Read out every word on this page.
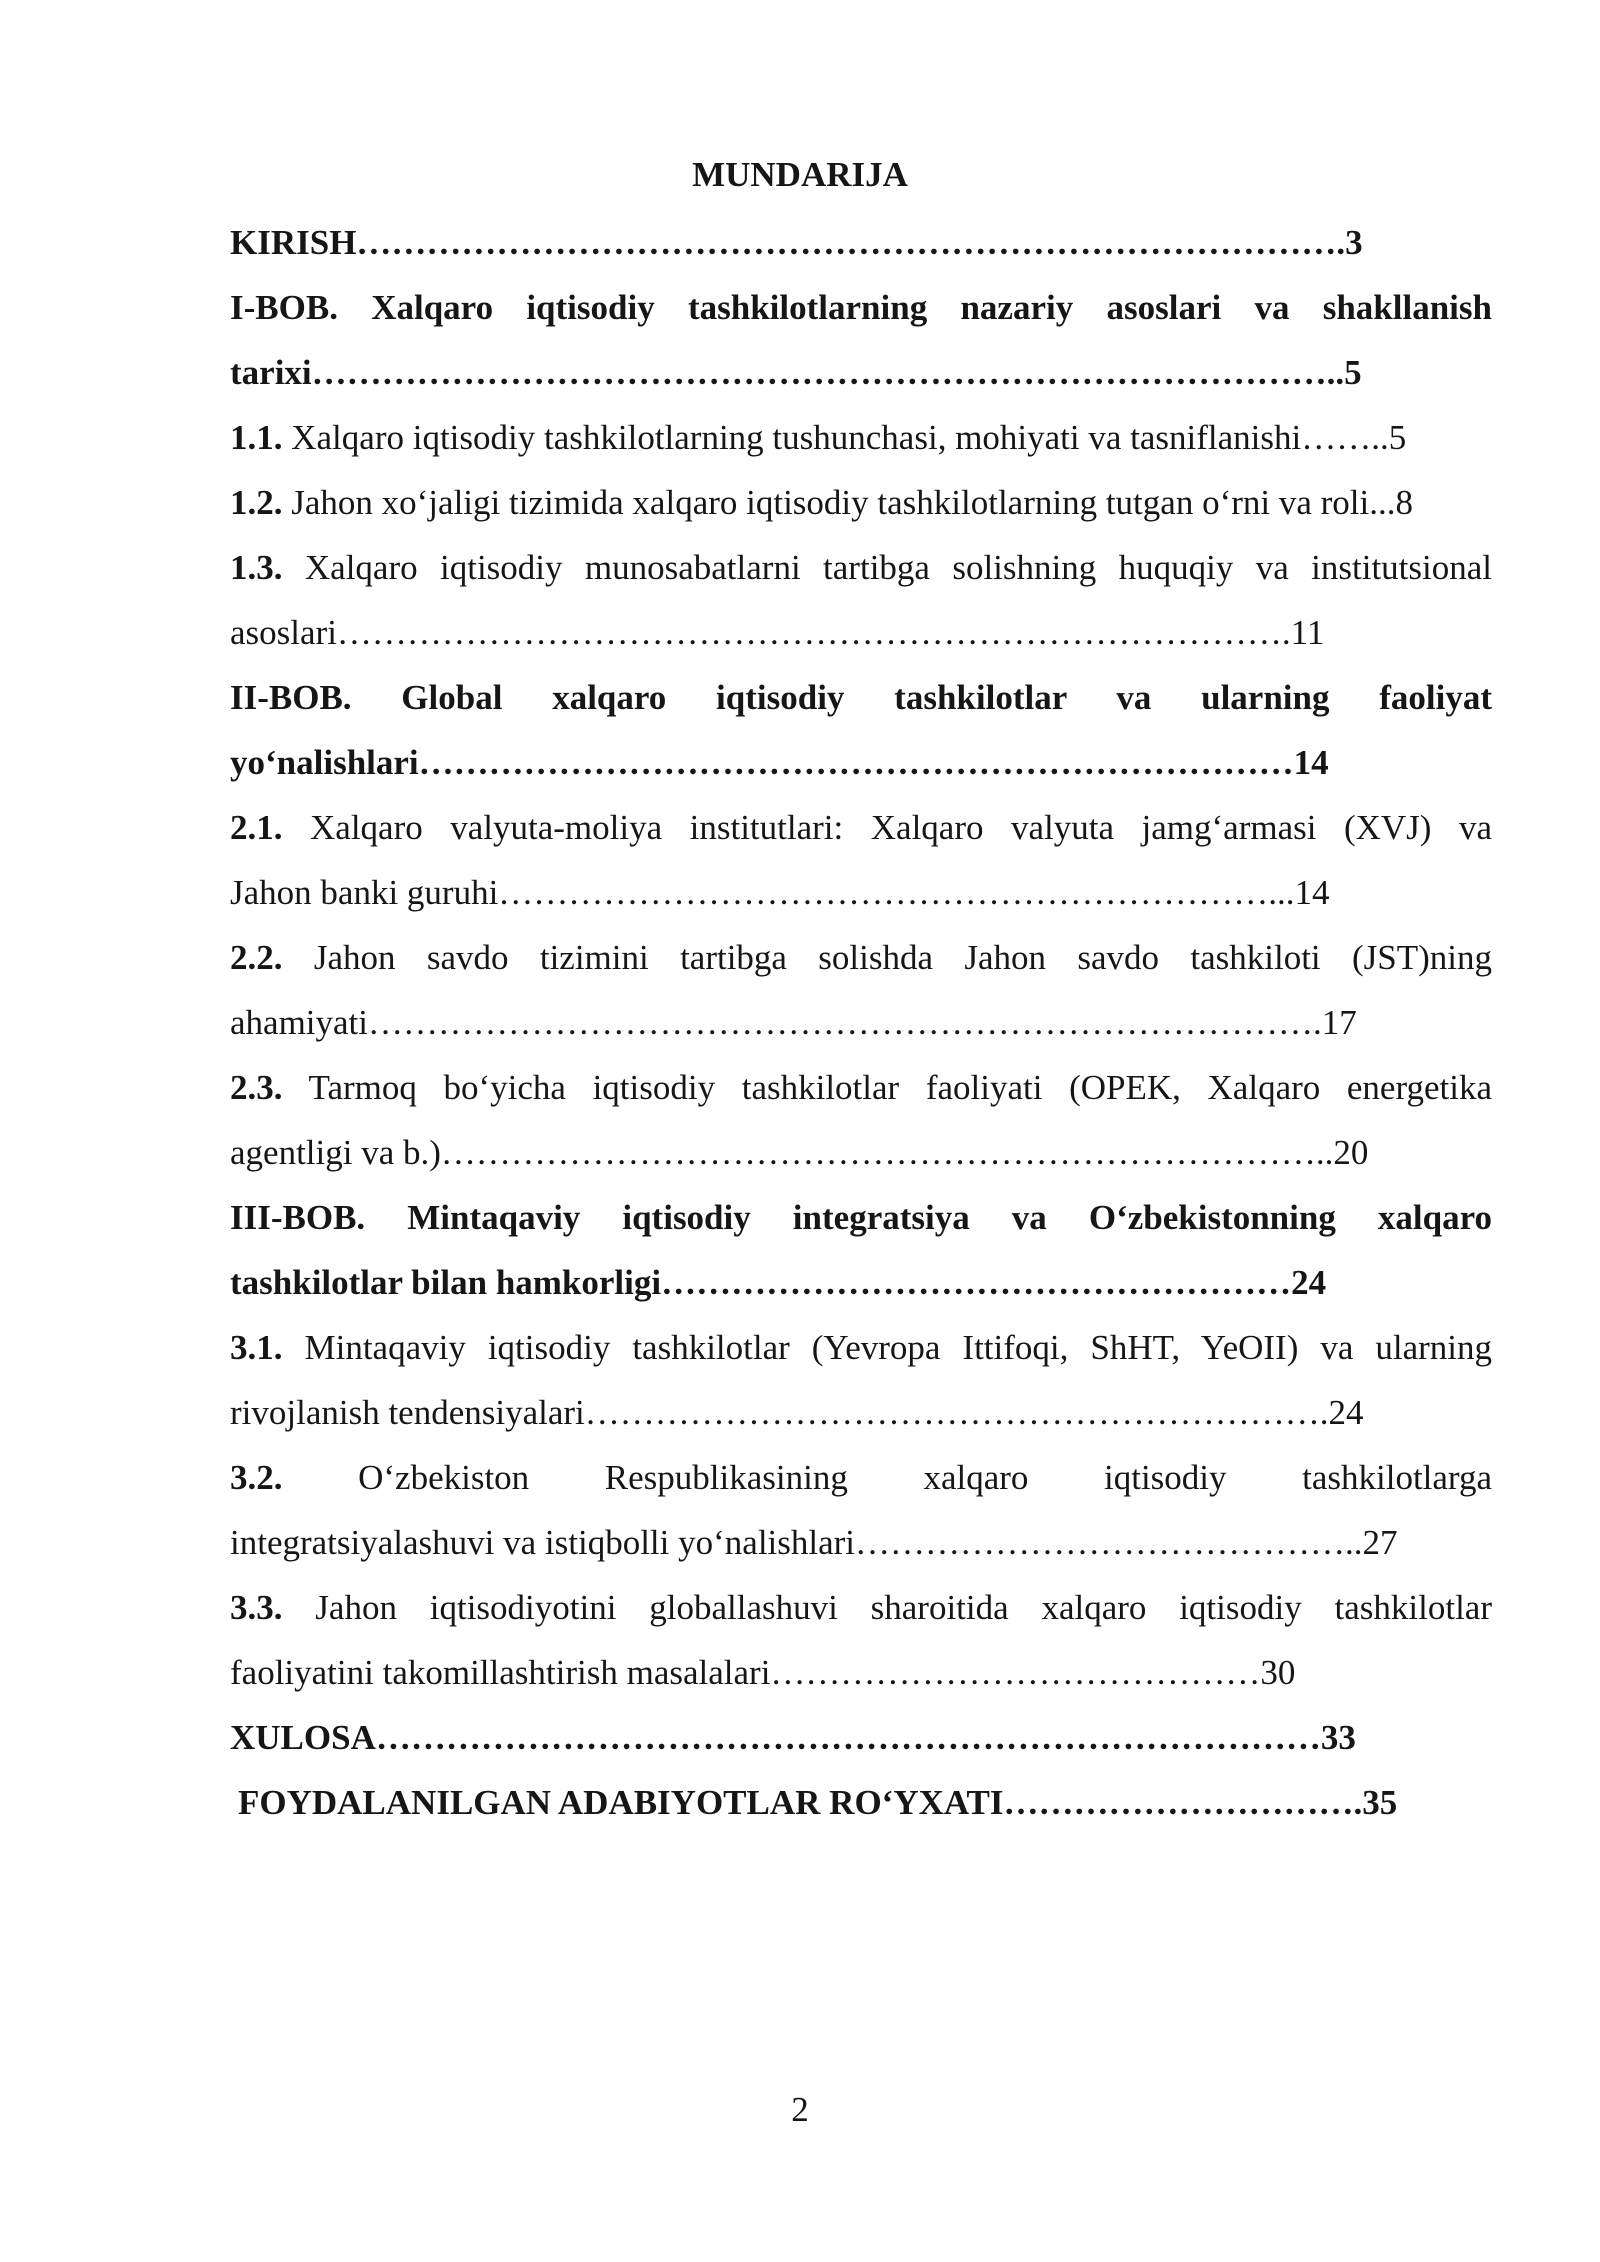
MUNDARIJA
KIRISH………………………………………………………………………….3
I-BOB. Xalqaro iqtisodiy tashkilotlarning nazariy asoslari va shakllanish
tarixi……………………………………………………………………………..5
1.1. Xalqaro iqtisodiy tashkilotlarning tushunchasi, mohiyati va tasniflanishi……..5
1.2. Jahon xo‘jaligi tizimida xalqaro iqtisodiy tashkilotlarning tutgan o‘rni va roli...8
1.3. Xalqaro iqtisodiy munosabatlarni tartibga solishning huquqiy va institutsional
asoslari……………………………………………………………………….11
II-BOB. Global xalqaro iqtisodiy tashkilotlar va ularning faoliyat
yo‘nalishlari…………………………………………………………………14
2.1. Xalqaro valyuta-moliya institutlari: Xalqaro valyuta jamg‘armasi (XVJ) va
Jahon banki guruhi…………………………………………………………...14
2.2. Jahon savdo tizimini tartibga solishda Jahon savdo tashkiloti (JST)ning
ahamiyati……………………………………………………………………….17
2.3. Tarmoq bo‘yicha iqtisodiy tashkilotlar faoliyati (OPEK, Xalqaro energetika
agentligi va b.)…………………………………………………………………..20
III-BOB. Mintaqaviy iqtisodiy integratsiya va O‘zbekistonning xalqaro
tashkilotlar bilan hamkorligi………………………………………………24
3.1. Mintaqaviy iqtisodiy tashkilotlar (Yevropa Ittifoqi, ShHT, YeOII) va ularning
rivojlanish tendensiyalari……………………………………………………….24
3.2. O‘zbekiston Respublikasining xalqaro iqtisodiy tashkilotlarga
integratsiyalashuvi va istiqbolli yo‘nalishlari……………………………………..27
3.3. Jahon iqtisodiyotini globallashuvi sharoitida xalqaro iqtisodiy tashkilotlar
faoliyatini takomillashtirish masalalari……………………………………30
XULOSA………………………………………………………………………33
FOYDALANILGAN ADABIYOTLAR RO‘YXATI………………………….35
2
